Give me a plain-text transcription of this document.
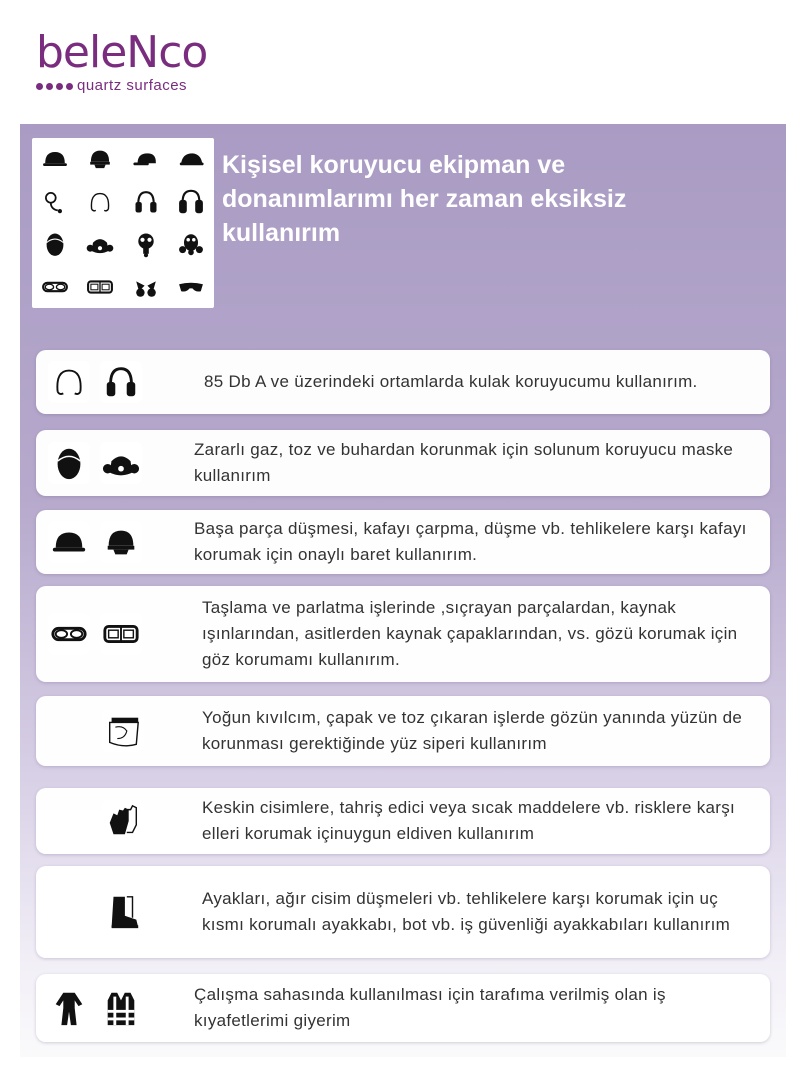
beleNco
quartz surfaces
Kişisel koruyucu ekipman ve donanımlarımı her zaman eksiksiz kullanırım
85 Db A ve üzerindeki ortamlarda kulak koruyucumu kullanırım.
Zararlı gaz, toz ve buhardan korunmak için solunum koruyucu maske kullanırım
Başa parça düşmesi, kafayı çarpma, düşme vb. tehlikelere karşı kafayı korumak için onaylı baret kullanırım.
Taşlama ve parlatma işlerinde ,sıçrayan parçalardan, kaynak ışınlarından, asitlerden kaynak çapaklarından, vs. gözü korumak için göz korumamı kullanırım.
Yoğun kıvılcım, çapak ve toz çıkaran işlerde gözün yanında yüzün de korunması gerektiğinde yüz siperi kullanırım
Keskin cisimlere, tahriş edici veya sıcak maddelere vb. risklere karşı elleri korumak içinuygun eldiven kullanırım
Ayakları, ağır cisim düşmeleri vb. tehlikelere karşı korumak için uç kısmı korumalı ayakkabı, bot vb. iş güvenliği ayakkabıları kullanırım
Çalışma sahasında kullanılması için tarafıma verilmiş olan iş kıyafetlerimi giyerim
